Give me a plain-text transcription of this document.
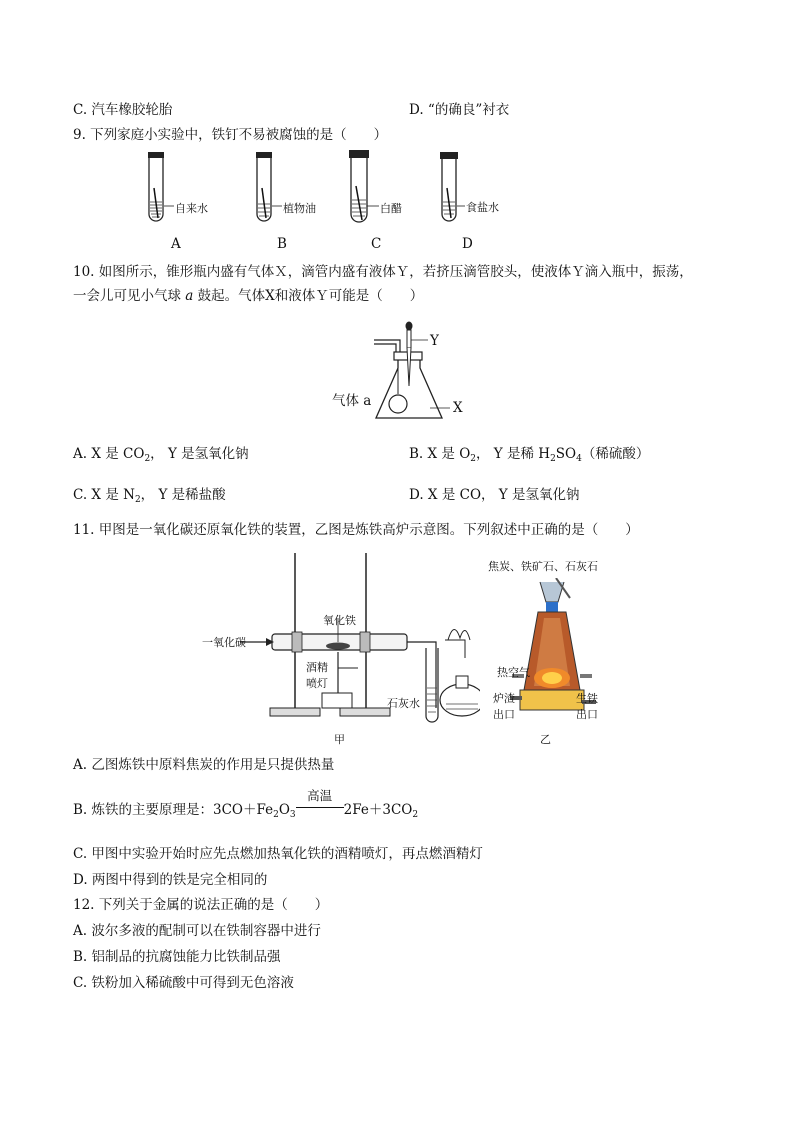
C. 汽车橡胶轮胎	D. “的确良”衬衣
9. 下列家庭小实验中，铁钉不易被腐蚀的是（　　）
自来水	植物油	白醋	食盐水
A	B	C	D
10. 如图所示，锥形瓶内盛有气体Ｘ，滴管内盛有液体Ｙ，若挤压滴管胶头，使液体Ｙ滴入瓶中，振荡，
一会儿可见小气球 a 鼓起。气体X和液体Ｙ可能是（　　）
Y
X
气体 a
A. X 是 $CO_2$， Y 是氢氧化钠	B. X 是 $O_2$， Y 是稀 $H_2SO_4$（稀硫酸）
C. X 是 $N_2$， Y 是稀盐酸	D. X 是 CO， Y 是氢氧化钠
11. 甲图是一氧化碳还原氧化铁的装置，乙图是炼铁高炉示意图。下列叙述中正确的是（　　）
一氧化碳
氧化铁
酒精
喷灯
石灰水
甲
焦炭、铁矿石、石灰石
热空气
炉渣
出口
生铁
出口
乙
A. 乙图炼铁中原料焦炭的作用是只提供热量
B. 炼铁的主要原理是：$3CO+Fe_2O_3$
高温
$2Fe+3CO_2$
C. 甲图中实验开始时应先点燃加热氧化铁的酒精喷灯，再点燃酒精灯
D. 两图中得到的铁是完全相同的
12. 下列关于金属的说法正确的是（　　）
A. 波尔多液的配制可以在铁制容器中进行
B. 铝制品的抗腐蚀能力比铁制品强
C. 铁粉加入稀硫酸中可得到无色溶液
